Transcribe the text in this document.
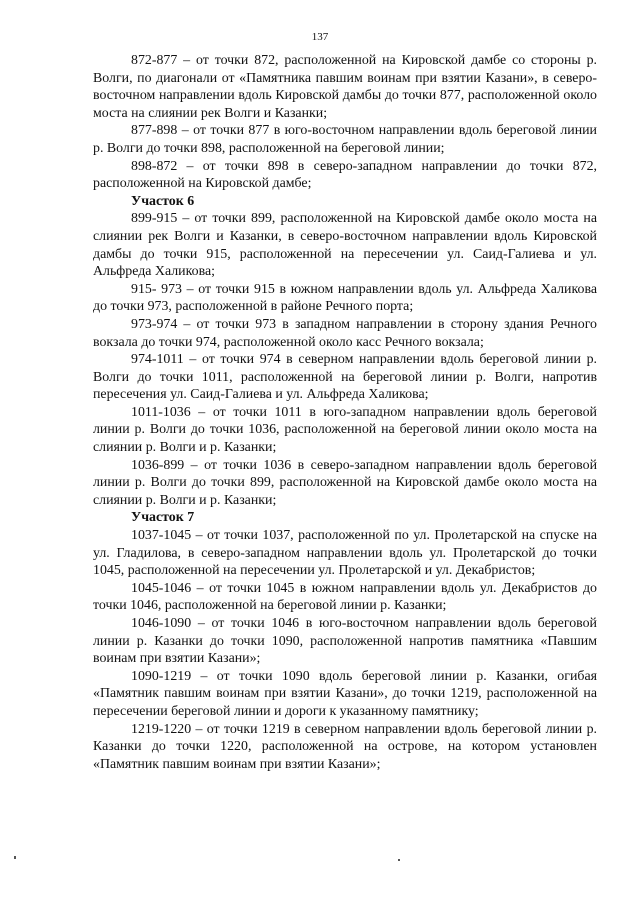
137

872-877 – от точки 872, расположенной на Кировской дамбе со стороны р. Волги, по диагонали от «Памятника павшим воинам при взятии Казани», в северо-восточном направлении вдоль Кировской дамбы до точки 877, расположенной около моста на слиянии рек Волги и Казанки;

877-898 – от точки 877 в юго-восточном направлении вдоль береговой линии р. Волги до точки 898, расположенной на береговой линии;

898-872 – от точки 898 в северо-западном направлении до точки 872, расположенной на Кировской дамбе;

Участок 6

899-915 – от точки 899, расположенной на Кировской дамбе около моста на слиянии рек Волги и Казанки, в северо-восточном направлении вдоль Кировской дамбы до точки 915, расположенной на пересечении ул. Саид-Галиева и ул. Альфреда Халикова;

915- 973 – от точки 915 в южном направлении вдоль ул. Альфреда Халикова до точки 973, расположенной в районе Речного порта;

973-974 – от точки 973 в западном направлении в сторону здания Речного вокзала до точки 974, расположенной около касс Речного вокзала;

974-1011 – от точки 974 в северном направлении вдоль береговой линии р. Волги до точки 1011, расположенной на береговой линии р. Волги, напротив пересечения ул. Саид-Галиева и ул. Альфреда Халикова;

1011-1036 – от точки 1011 в юго-западном направлении вдоль береговой линии р. Волги до точки 1036, расположенной на береговой линии около моста на слиянии р. Волги и р. Казанки;

1036-899 – от точки 1036 в северо-западном направлении вдоль береговой линии р. Волги до точки 899, расположенной на Кировской дамбе около моста на слиянии р. Волги и р. Казанки;

Участок 7

1037-1045 – от точки 1037, расположенной по ул. Пролетарской на спуске на ул. Гладилова, в северо-западном направлении вдоль ул. Пролетарской до точки 1045, расположенной на пересечении ул. Пролетарской и ул. Декабристов;

1045-1046 – от точки 1045 в южном направлении вдоль ул. Декабристов до точки 1046, расположенной на береговой линии р. Казанки;

1046-1090 – от точки 1046 в юго-восточном направлении вдоль береговой линии р. Казанки до точки 1090, расположенной напротив памятника «Павшим воинам при взятии Казани»;

1090-1219 – от точки 1090 вдоль береговой линии р. Казанки, огибая «Памятник павшим воинам при взятии Казани», до точки 1219, расположенной на пересечении береговой линии и дороги к указанному памятнику;

1219-1220 – от точки 1219 в северном направлении вдоль береговой линии р. Казанки до точки 1220, расположенной на острове, на котором установлен «Памятник павшим воинам при взятии Казани»;
